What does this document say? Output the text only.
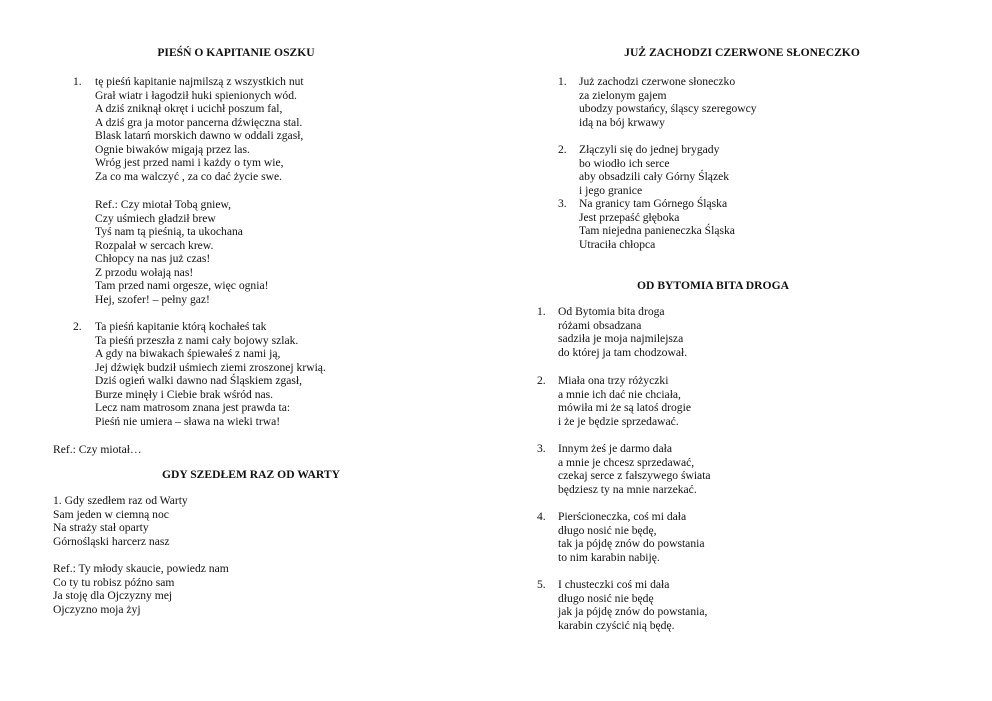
PIEŚŃ O KAPITANIE OSZKU
1. tę pieśń kapitanie najmilszą z wszystkich nut
Grał wiatr i łagodził huki spienionych wód.
A dziś zniknął okręt i ucichł poszum fal,
A dziś gra ja motor pancerna dźwięczna stal.
Blask latarń morskich dawno w oddali zgasł,
Ognie biwaków migają przez las.
Wróg jest przed nami i każdy o tym wie,
Za co ma walczyć , za co dać życie swe.
Ref.: Czy miotał Tobą gniew,
Czy uśmiech gładził brew
Tyś nam tą pieśnią, ta ukochana
Rozpalał w sercach krew.
Chłopcy na nas już czas!
Z przodu wołają nas!
Tam przed nami orgesze, więc ognia!
Hej, szofer! – pełny gaz!
2. Ta pieśń kapitanie którą kochałeś tak
Ta pieśń przeszła z nami cały bojowy szlak.
A gdy na biwakach śpiewałeś z nami ją,
Jej dźwięk budził uśmiech ziemi zroszonej krwią.
Dziś ogień walki dawno nad Śląskiem zgasł,
Burze minęły i Ciebie brak wśród nas.
Lecz nam matrosom znana jest prawda ta:
Pieśń nie umiera – sława na wieki trwa!
Ref.: Czy miotał…
GDY SZEDŁEM RAZ OD WARTY
1. Gdy szedłem raz od Warty
Sam jeden w ciemną noc
Na straży stał oparty
Górnośląski harcerz nasz
Ref.: Ty młody skaucie, powiedz nam
Co ty tu robisz późno sam
Ja stoję dla Ojczyzny mej
Ojczyzno moja żyj
JUŻ ZACHODZI CZERWONE SŁONECZKO
1. Już zachodzi czerwone słoneczko
za zielonym gajem
ubodzy powstańcy, śląscy szeregowcy
idą na bój krwawy
2. Złączyli się do jednej brygady
bo wiodło ich serce
aby obsadzili cały Górny Ślązek
i jego granice
3. Na granicy tam Górnego Śląska
Jest przepaść głęboka
Tam niejedna panieneczka Śląska
Utraciła chłopca
OD BYTOMIA BITA DROGA
1. Od Bytomia bita droga
różami obsadzana
sadziła je moja najmilejsza
do której ja tam chodzował.
2. Miała ona trzy różyczki
a mnie ich dać nie chciała,
mówiła mi że są latoś drogie
i że je będzie sprzedawać.
3. Innym żeś je darmo dała
a mnie je chcesz sprzedawać,
czekaj serce z fałszywego świata
będziesz ty na mnie narzekać.
4. Pierścioneczka, coś mi dała
długo nosić nie będę,
tak ja pójdę znów do powstania
to nim karabin nabiję.
5. I chusteczki coś mi dała
długo nosić nie będę
jak ja pójdę znów do powstania,
karabin czyścić nią będę.
